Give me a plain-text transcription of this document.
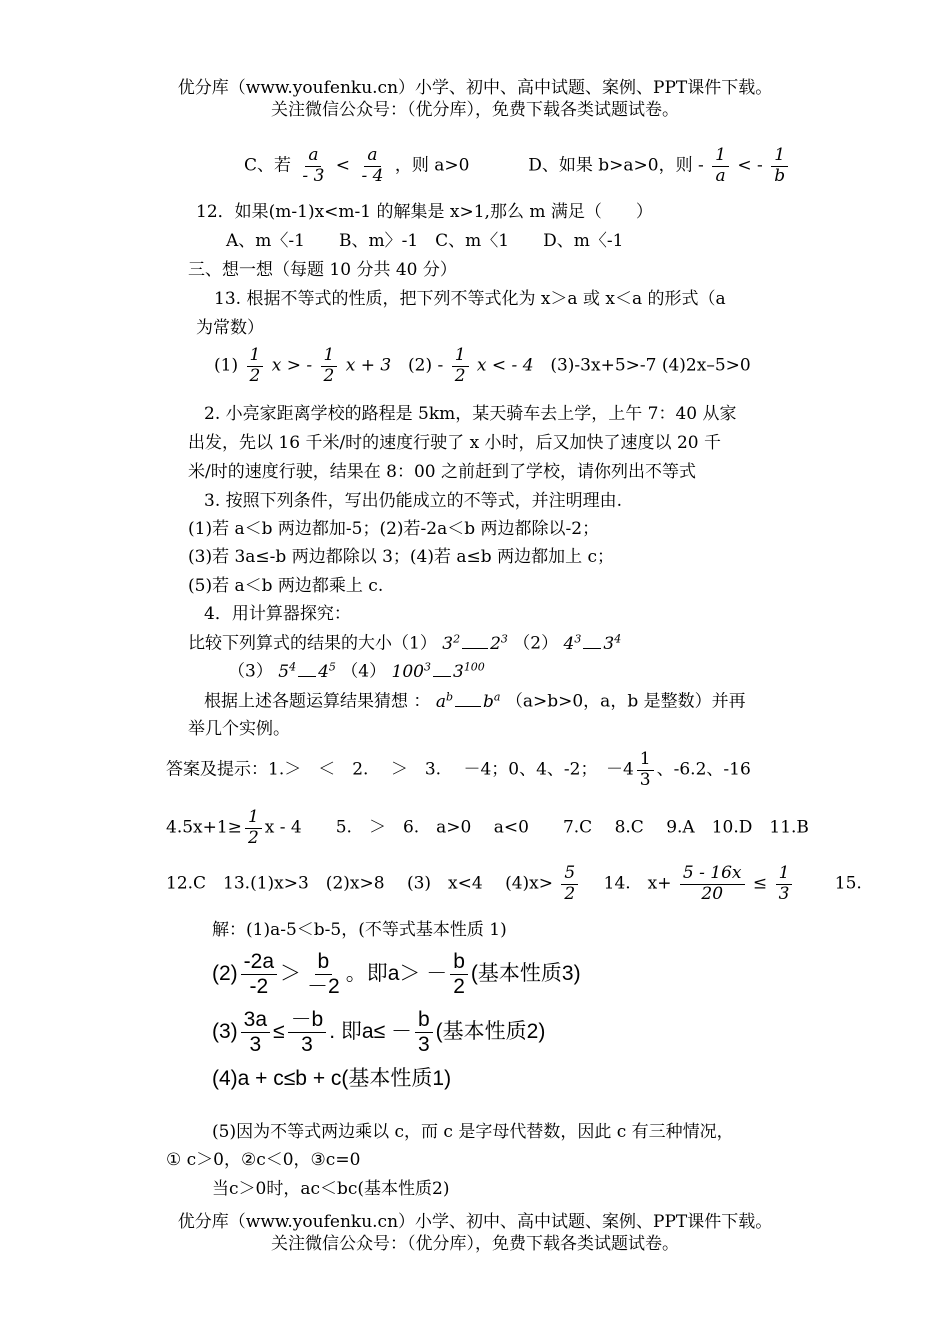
优分库（www.youfenku.cn）小学、初中、高中试题、案例、PPT课件下载。
关注微信公众号：（优分库），免费下载各类试题试卷。
C、若 $\frac{a}{- 3} < \frac{a}{- 4}$ ，则 a>0	D、如果 b>a>0，则 - $\frac{1}{a}$ < - $\frac{1}{b}$
12．如果(m-1)x<m-1 的解集是 x>1,那么 m 满足（　　）
A、m〈-1　　B、m〉-1　C、m〈1　　D、m〈-1
三、想一想（每题 10 分共 40 分）
13. 根据不等式的性质，把下列不等式化为 x＞a 或 x＜a 的形式（a
为常数）
$(1) \frac{1}{2}$ x > - $\frac{1}{2}$ x + 3 $(2) - \frac{1}{2}$ x < - 4 (3)-3x+5>-7 (4)2x–5>0
2. 小亮家距离学校的路程是 5km，某天骑车去上学，上午 7：40 从家
出发，先以 16 千米/时的速度行驶了 x 小时，后又加快了速度以 20 千
米/时的速度行驶，结果在 8：00 之前赶到了学校，请你列出不等式
3. 按照下列条件，写出仍能成立的不等式，并注明理由.
(1)若 a＜b 两边都加-5；(2)若-2a＜b 两边都除以-2；
(3)若 3a≤-b 两边都除以 3；(4)若 a≤b 两边都加上 c；
(5)若 a＜b 两边都乘上 c.
4．用计算器探究：
比较下列算式的结果的大小（1） $3^2$ $2^3$ （2） $4^3$ $3^4$
（3） $5^4$ $4^5$ （4） $100^3$ $3^{100}$
根据上述各题运算结果猜想 ： $a^b$ $b^a$ （a>b>0，a，b 是整数）并再
举几个实例。
答案及提示：1.＞　＜　2.　 ＞　3.　 －4；0、4、-2；　$-4 \frac{1}{3}$ 、-6.2、-16
$4.5x+1\ge \frac{1}{2}$ x - 4　　5.　＞　6.　a>0　 a<0　　7.C　 8.C　 9.A　10.D　11.B
12.C　13.(1)x>3　(2)x>8　 (3)　x<4　 $(4)x> \frac{5}{2}$ 　14.　$x+ \frac{5 - 16x}{20} \le \frac{1}{3}$ 　　15.
解：(1)a-5＜b-5，(不等式基本性质 1)
$(2) \frac{-2a}{-2} > \frac{b}{-2}$ 。即$a> - \frac{b}{2}$ (基本性质3)
$(3) \frac{3a}{3} \le \frac{-b}{3}$ . 即$a\le - \frac{b}{3}$ (基本性质2)
(4)a + c≤b + c(基本性质1)
(5)因为不等式两边乘以 c，而 c 是字母代替数，因此 c 有三种情况，
① c＞0，②c＜0，③c=0
当c＞0时，ac＜bc(基本性质2)
优分库（www.youfenku.cn）小学、初中、高中试题、案例、PPT课件下载。
关注微信公众号：（优分库），免费下载各类试题试卷。
